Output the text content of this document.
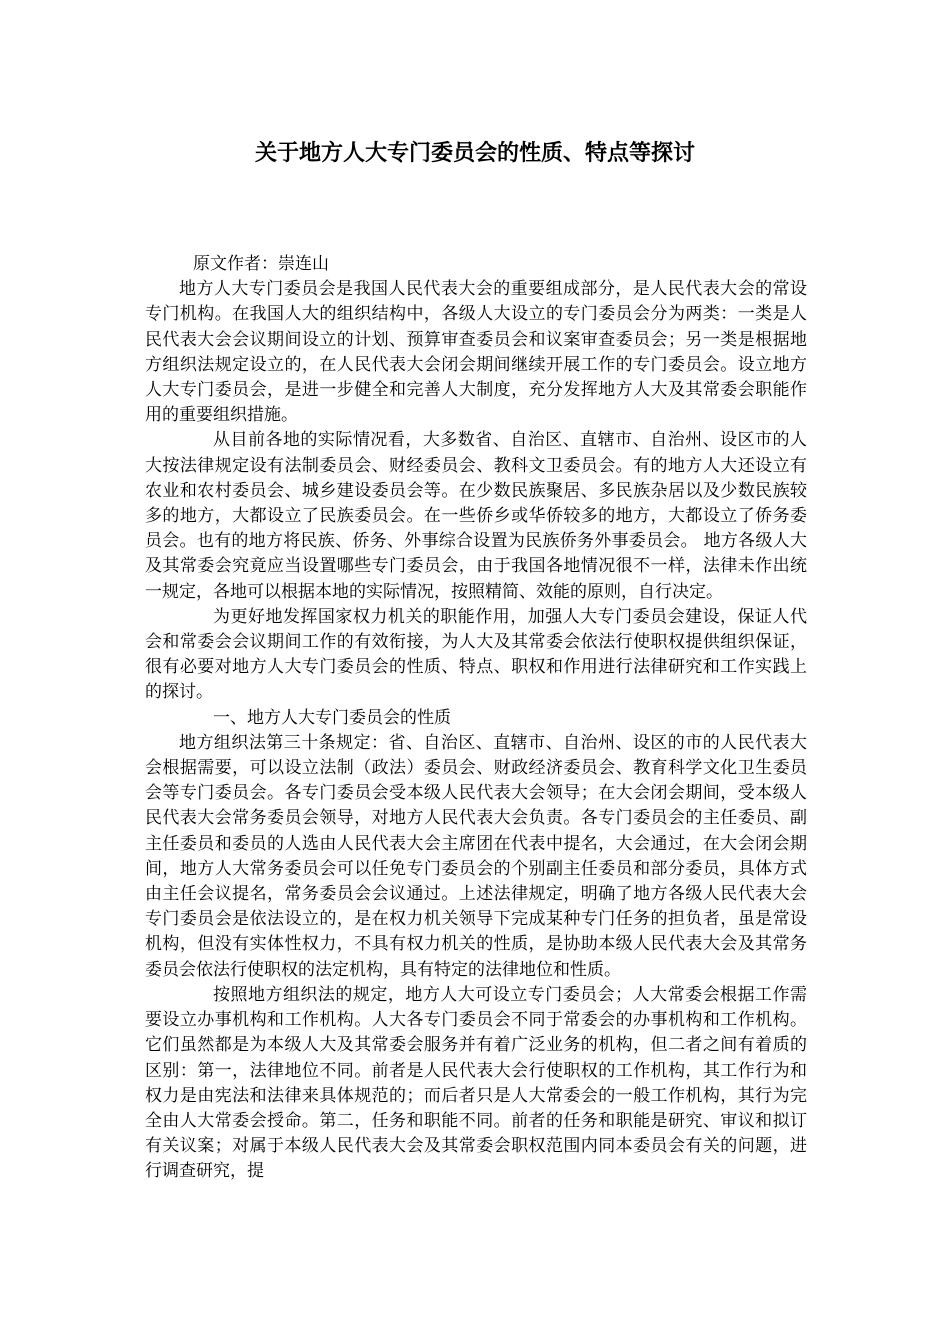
关于地方人大专门委员会的性质、特点等探讨

原文作者：崇连山

地方人大专门委员会是我国人民代表大会的重要组成部分，是人民代表大会的常设专门机构。在我国人大的组织结构中，各级人大设立的专门委员会分为两类：一类是人民代表大会会议期间设立的计划、预算审查委员会和议案审查委员会；另一类是根据地方组织法规定设立的，在人民代表大会闭会期间继续开展工作的专门委员会。设立地方人大专门委员会，是进一步健全和完善人大制度，充分发挥地方人大及其常委会职能作用的重要组织措施。

从目前各地的实际情况看，大多数省、自治区、直辖市、自治州、设区市的人大按法律规定设有法制委员会、财经委员会、教科文卫委员会。有的地方人大还设立有农业和农村委员会、城乡建设委员会等。在少数民族聚居、多民族杂居以及少数民族较多的地方，大都设立了民族委员会。在一些侨乡或华侨较多的地方，大都设立了侨务委员会。也有的地方将民族、侨务、外事综合设置为民族侨务外事委员会。 地方各级人大及其常委会究竟应当设置哪些专门委员会，由于我国各地情况很不一样，法律未作出统一规定，各地可以根据本地的实际情况，按照精简、效能的原则，自行决定。

为更好地发挥国家权力机关的职能作用，加强人大专门委员会建设，保证人代会和常委会会议期间工作的有效衔接，为人大及其常委会依法行使职权提供组织保证，很有必要对地方人大专门委员会的性质、特点、职权和作用进行法律研究和工作实践上的探讨。

一、地方人大专门委员会的性质

地方组织法第三十条规定：省、自治区、直辖市、自治州、设区的市的人民代表大会根据需要，可以设立法制（政法）委员会、财政经济委员会、教育科学文化卫生委员会等专门委员会。各专门委员会受本级人民代表大会领导；在大会闭会期间，受本级人民代表大会常务委员会领导，对地方人民代表大会负责。各专门委员会的主任委员、副主任委员和委员的人选由人民代表大会主席团在代表中提名，大会通过，在大会闭会期间，地方人大常务委员会可以任免专门委员会的个别副主任委员和部分委员，具体方式由主任会议提名，常务委员会会议通过。上述法律规定，明确了地方各级人民代表大会专门委员会是依法设立的，是在权力机关领导下完成某种专门任务的担负者，虽是常设机构，但没有实体性权力，不具有权力机关的性质，是协助本级人民代表大会及其常务委员会依法行使职权的法定机构，具有特定的法律地位和性质。

按照地方组织法的规定，地方人大可设立专门委员会；人大常委会根据工作需要设立办事机构和工作机构。人大各专门委员会不同于常委会的办事机构和工作机构。它们虽然都是为本级人大及其常委会服务并有着广泛业务的机构，但二者之间有着质的区别：第一，法律地位不同。前者是人民代表大会行使职权的工作机构，其工作行为和权力是由宪法和法律来具体规范的；而后者只是人大常委会的一般工作机构，其行为完全由人大常委会授命。第二，任务和职能不同。前者的任务和职能是研究、审议和拟订有关议案；对属于本级人民代表大会及其常委会职权范围内同本委员会有关的问题，进行调查研究，提
